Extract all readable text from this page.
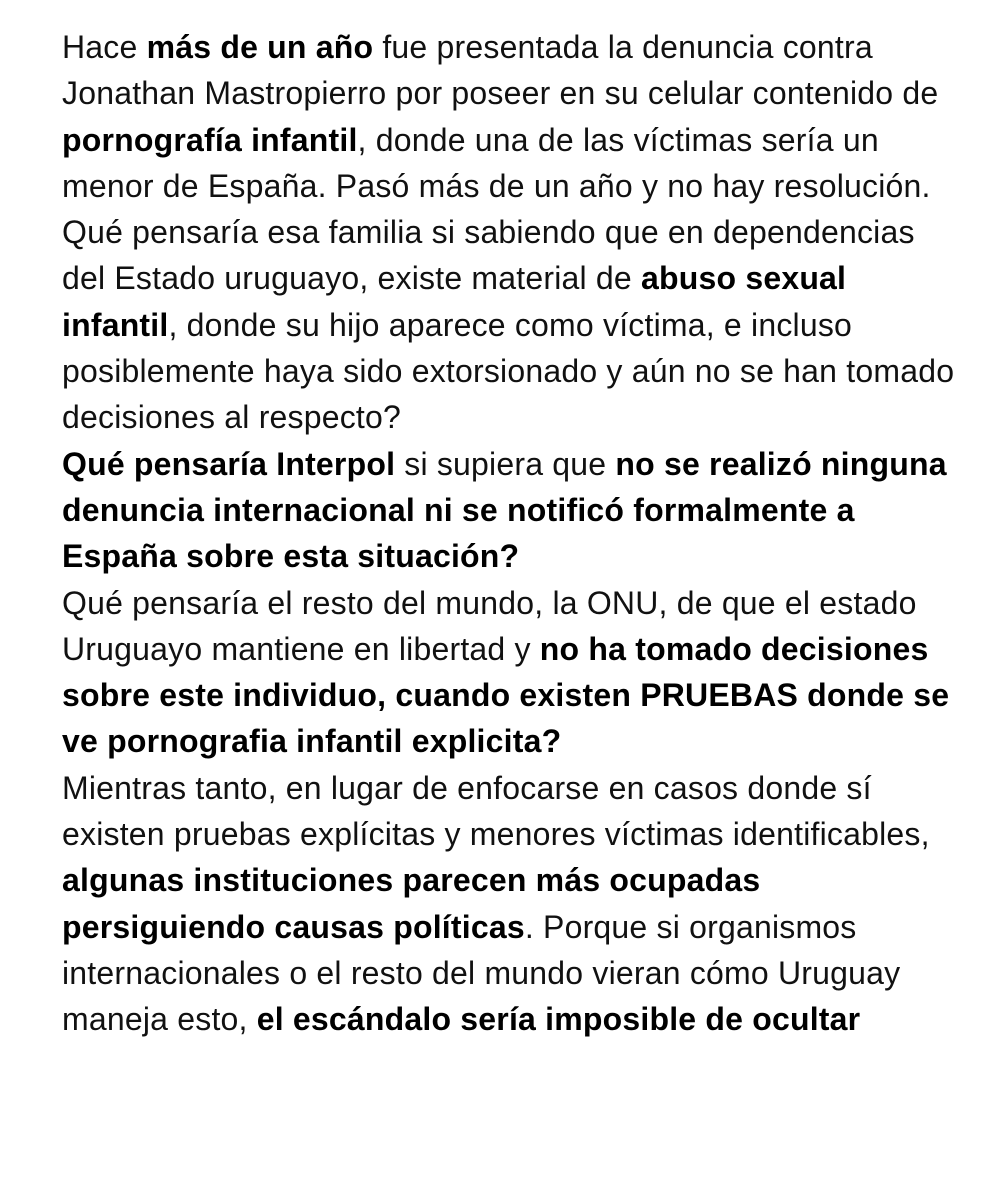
Hace más de un año fue presentada la denuncia contra Jonathan Mastropierro por poseer en su celular contenido de pornografía infantil, donde una de las víctimas sería un menor de España. Pasó más de un año y no hay resolución.

Qué pensaría esa familia si sabiendo que en dependencias del Estado uruguayo, existe material de abuso sexual infantil, donde su hijo aparece como víctima, e incluso posiblemente haya sido extorsionado y aún no se han tomado decisiones al respecto?

Qué pensaría Interpol si supiera que no se realizó ninguna denuncia internacional ni se notificó formalmente a España sobre esta situación?

Qué pensaría el resto del mundo, la ONU, de que el estado Uruguayo mantiene en libertad y no ha tomado decisiones sobre este individuo, cuando existen PRUEBAS donde se ve pornografia infantil explicita?

Mientras tanto, en lugar de enfocarse en casos donde sí existen pruebas explícitas y menores víctimas identificables, algunas instituciones parecen más ocupadas persiguiendo causas políticas. Porque si organismos internacionales o el resto del mundo vieran cómo Uruguay maneja esto, el escándalo sería imposible de ocultar
